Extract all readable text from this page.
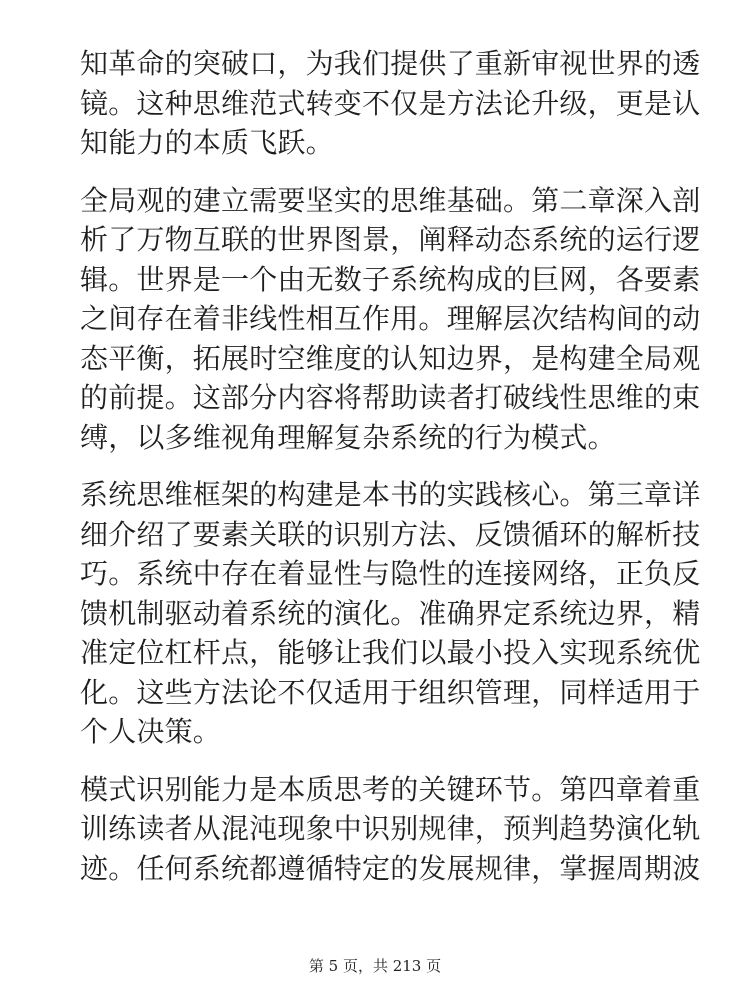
知革命的突破口，为我们提供了重新审视世界的透
镜。这种思维范式转变不仅是方法论升级，更是认
知能力的本质飞跃。

全局观的建立需要坚实的思维基础。第二章深入剖
析了万物互联的世界图景，阐释动态系统的运行逻
辑。世界是一个由无数子系统构成的巨网，各要素
之间存在着非线性相互作用。理解层次结构间的动
态平衡，拓展时空维度的认知边界，是构建全局观
的前提。这部分内容将帮助读者打破线性思维的束
缚，以多维视角理解复杂系统的行为模式。

系统思维框架的构建是本书的实践核心。第三章详
细介绍了要素关联的识别方法、反馈循环的解析技
巧。系统中存在着显性与隐性的连接网络，正负反
馈机制驱动着系统的演化。准确界定系统边界，精
准定位杠杆点，能够让我们以最小投入实现系统优
化。这些方法论不仅适用于组织管理，同样适用于
个人决策。

模式识别能力是本质思考的关键环节。第四章着重
训练读者从混沌现象中识别规律，预判趋势演化轨
迹。任何系统都遵循特定的发展规律，掌握周期波

第 5 页，共 213 页
